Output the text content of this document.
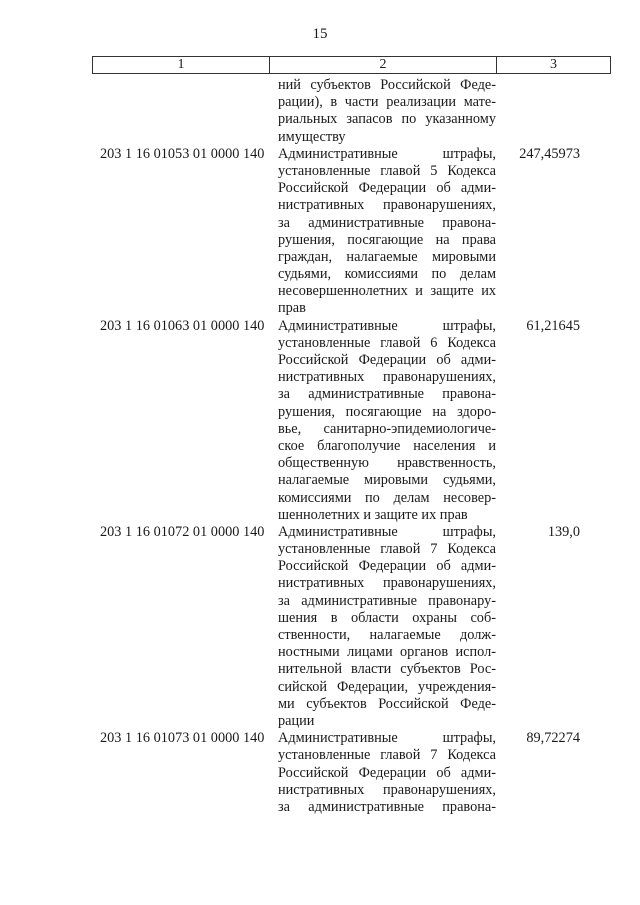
15
1	2	3
ний субъектов Российской Феде-
рации), в части реализации мате-
риальных запасов по указанному
имуществу
203 1 16 01053 01 0000 140 Административные штрафы,
установленные главой 5 Кодекса
Российской Федерации об адми-
нистративных правонарушениях,
за административные правона-
рушения, посягающие на права
граждан, налагаемые мировыми
судьями, комиссиями по делам
несовершеннолетних и защите их
прав
247,45973
203 1 16 01063 01 0000 140 Административные штрафы,
установленные главой 6 Кодекса
Российской Федерации об адми-
нистративных правонарушениях,
за административные правона-
рушения, посягающие на здоро-
вье, санитарно-эпидемиологиче-
ское благополучие населения и
общественную нравственность,
налагаемые мировыми судьями,
комиссиями по делам несовер-
шеннолетних и защите их прав
61,21645
203 1 16 01072 01 0000 140 Административные штрафы,
установленные главой 7 Кодекса
Российской Федерации об адми-
нистративных правонарушениях,
за административные правонару-
шения в области охраны соб-
ственности, налагаемые долж-
ностными лицами органов испол-
нительной власти субъектов Рос-
сийской Федерации, учреждения-
ми субъектов Российской Феде-
рации
139,0
203 1 16 01073 01 0000 140 Административные штрафы,
установленные главой 7 Кодекса
Российской Федерации об адми-
нистративных правонарушениях,
за административные правона-
89,72274
